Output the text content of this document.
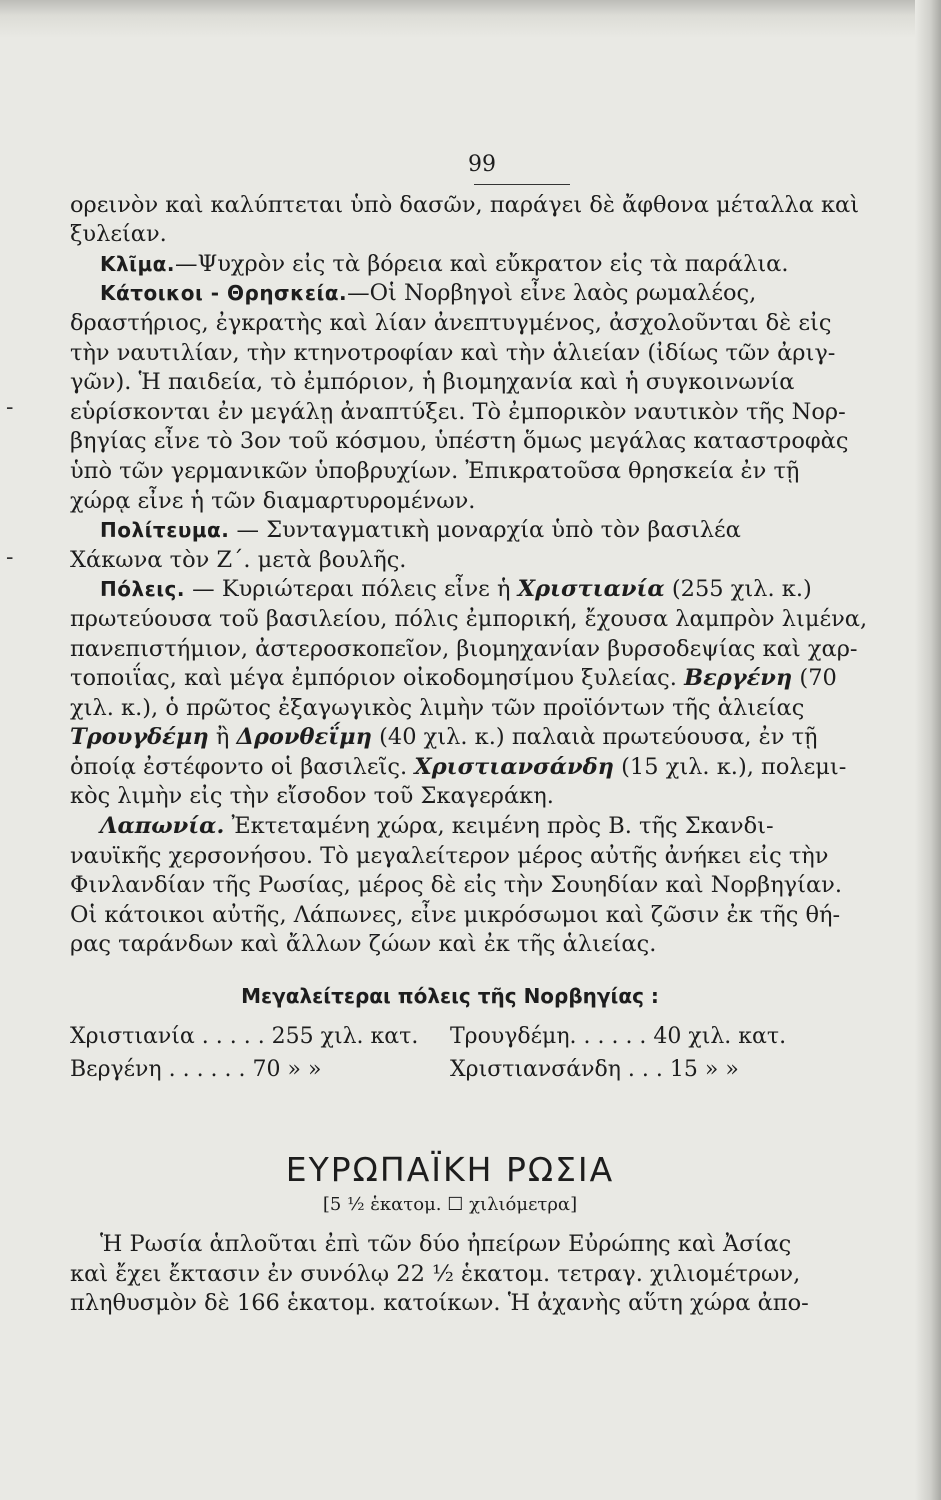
-
-
99

ορεινὸν καὶ καλύπτεται ὑπὸ δασῶν, παράγει δὲ ἄφθονα μέταλλα καὶ
ξυλείαν.

Κλῖμα.—Ψυχρὸν εἰς τὰ βόρεια καὶ εὔκρατον εἰς τὰ παράλια.

Κάτοικοι - Θρησκεία.—Οἱ Νορβηγοὶ εἶνε λαὸς ρωμαλέος,
δραστήριος, ἐγκρατὴς καὶ λίαν ἀνεπτυγμένος, ἀσχολοῦνται δὲ εἰς
τὴν ναυτιλίαν, τὴν κτηνοτροφίαν καὶ τὴν ἁλιείαν (ἰδίως τῶν ἀριγ-
γῶν). Ἡ παιδεία, τὸ ἐμπόριον, ἡ βιομηχανία καὶ ἡ συγκοινωνία
εὑρίσκονται ἐν μεγάλῃ ἀναπτύξει. Τὸ ἐμπορικὸν ναυτικὸν τῆς Νορ-
βηγίας εἶνε τὸ 3ον τοῦ κόσμου, ὑπέστη ὅμως μεγάλας καταστροφὰς
ὑπὸ τῶν γερμανικῶν ὑποβρυχίων. Ἐπικρατοῦσα θρησκεία ἐν τῇ
χώρᾳ εἶνε ἡ τῶν διαμαρτυρομένων.

Πολίτευμα. — Συνταγματικὴ μοναρχία ὑπὸ τὸν βασιλέα
Χάκωνα τὸν Ζ΄. μετὰ βουλῆς.

Πόλεις. — Κυριώτεραι πόλεις εἶνε ἡ Χριστιανία (255 χιλ. κ.)
πρωτεύουσα τοῦ βασιλείου, πόλις ἐμπορική, ἔχουσα λαμπρὸν λιμένα,
πανεπιστήμιον, ἀστεροσκοπεῖον, βιομηχανίαν βυρσοδεψίας καὶ χαρ-
τοποιΐας, καὶ μέγα ἐμπόριον οἰκοδομησίμου ξυλείας. Βεργένη (70
χιλ. κ.), ὁ πρῶτος ἐξαγωγικὸς λιμὴν τῶν προϊόντων τῆς ἁλιείας
Τρουγδέμη ἢ Δρονθεΐμη (40 χιλ. κ.) παλαιὰ πρωτεύουσα, ἐν τῇ
ὁποίᾳ ἐστέφοντο οἱ βασιλεῖς. Χριστιανσάνδη (15 χιλ. κ.), πολεμι-
κὸς λιμὴν εἰς τὴν εἴσοδον τοῦ Σκαγεράκη.

Λαπωνία. Ἐκτεταμένη χώρα, κειμένη πρὸς Β. τῆς Σκανδι-
ναυϊκῆς χερσονήσου. Τὸ μεγαλείτερον μέρος αὐτῆς ἀνήκει εἰς τὴν
Φινλανδίαν τῆς Ρωσίας, μέρος δὲ εἰς τὴν Σουηδίαν καὶ Νορβηγίαν.
Οἱ κάτοικοι αὐτῆς, Λάπωνες, εἶνε μικρόσωμοι καὶ ζῶσιν ἐκ τῆς θή-
ρας ταράνδων καὶ ἄλλων ζώων καὶ ἐκ τῆς ἁλιείας.

Μεγαλείτεραι πόλεις τῆς Νορβηγίας :
Χριστιανία . . . . . 255 χιλ. κατ.	Τρουγδέμη. . . . . . 40 χιλ. κατ.
Βεργένη . . . . . . 70 » »	Χριστιανσάνδη . . . 15 » »
ΕΥΡΩΠΑΪΚΗ ΡΩΣΙΑ
[5 ½ ἑκατομ. ☐ χιλιόμετρα]

Ἡ Ρωσία ἁπλοῦται ἐπὶ τῶν δύο ἠπείρων Εὐρώπης καὶ Ἀσίας
καὶ ἔχει ἔκτασιν ἐν συνόλῳ 22 ½ ἑκατομ. τετραγ. χιλιομέτρων,
πληθυσμὸν δὲ 166 ἑκατομ. κατοίκων. Ἡ ἀχανὴς αὕτη χώρα ἀπο-
